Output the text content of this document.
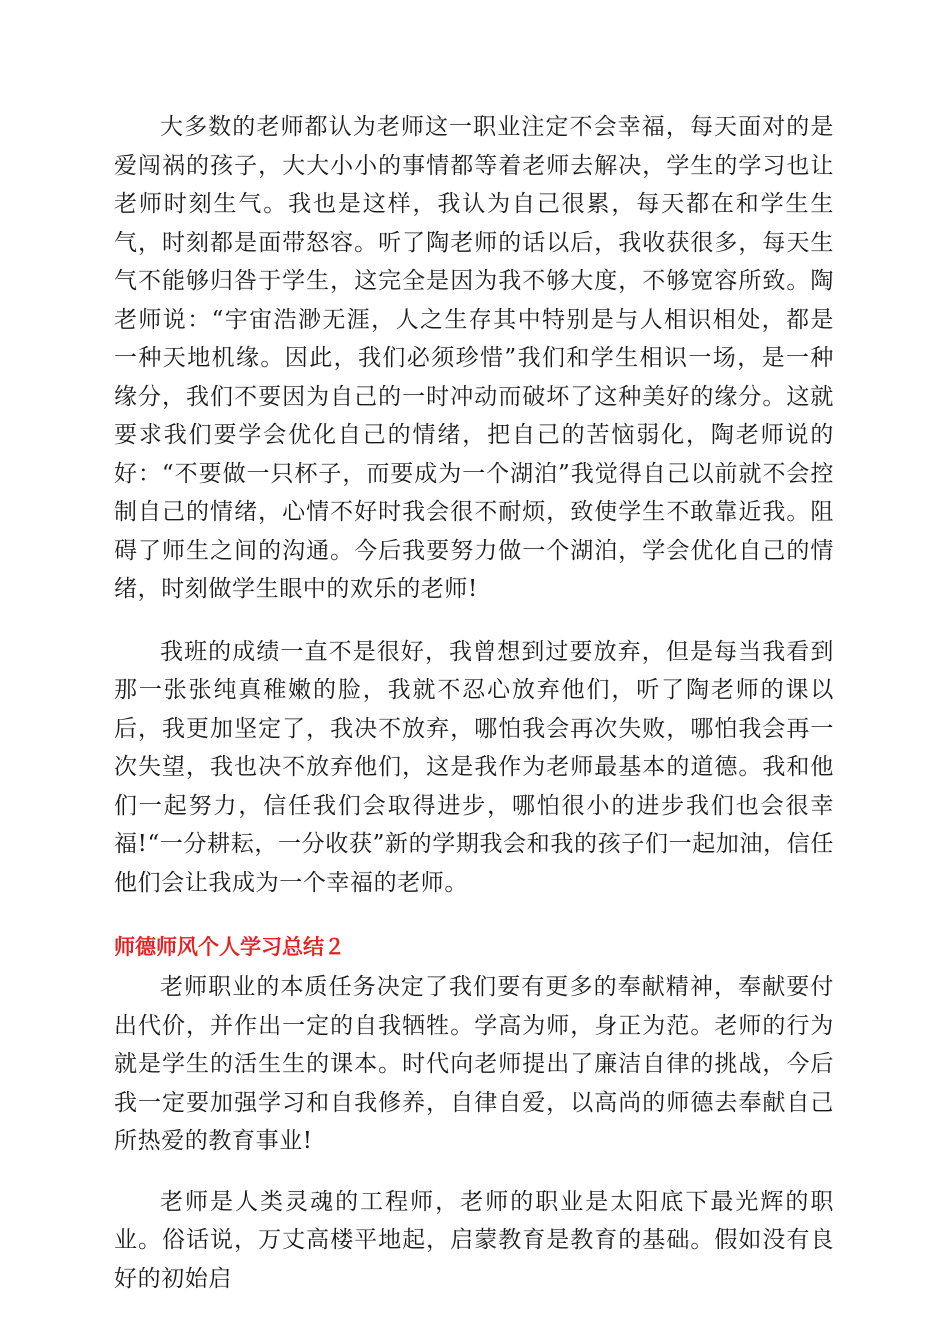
大多数的老师都认为老师这一职业注定不会幸福，每天面对的是爱闯祸的孩子，大大小小的事情都等着老师去解决，学生的学习也让老师时刻生气。我也是这样，我认为自己很累，每天都在和学生生气，时刻都是面带怒容。听了陶老师的话以后，我收获很多，每天生气不能够归咎于学生，这完全是因为我不够大度，不够宽容所致。陶老师说：“宇宙浩渺无涯，人之生存其中特别是与人相识相处，都是一种天地机缘。因此，我们必须珍惜”我们和学生相识一场，是一种缘分，我们不要因为自己的一时冲动而破坏了这种美好的缘分。这就要求我们要学会优化自己的情绪，把自己的苦恼弱化，陶老师说的好：“不要做一只杯子，而要成为一个湖泊”我觉得自己以前就不会控制自己的情绪，心情不好时我会很不耐烦，致使学生不敢靠近我。阻碍了师生之间的沟通。今后我要努力做一个湖泊，学会优化自己的情绪，时刻做学生眼中的欢乐的老师!

我班的成绩一直不是很好，我曾想到过要放弃，但是每当我看到那一张张纯真稚嫩的脸，我就不忍心放弃他们，听了陶老师的课以后，我更加坚定了，我决不放弃，哪怕我会再次失败，哪怕我会再一次失望，我也决不放弃他们，这是我作为老师最基本的道德。我和他们一起努力，信任我们会取得进步，哪怕很小的进步我们也会很幸福!“一分耕耘，一分收获”新的学期我会和我的孩子们一起加油，信任他们会让我成为一个幸福的老师。

师德师风个人学习总结２

老师职业的本质任务决定了我们要有更多的奉献精神，奉献要付出代价，并作出一定的自我牺牲。学高为师，身正为范。老师的行为就是学生的活生生的课本。时代向老师提出了廉洁自律的挑战，今后我一定要加强学习和自我修养，自律自爱，以高尚的师德去奉献自己所热爱的教育事业!

老师是人类灵魂的工程师，老师的职业是太阳底下最光辉的职业。俗话说，万丈高楼平地起，启蒙教育是教育的基础。假如没有良好的初始启
